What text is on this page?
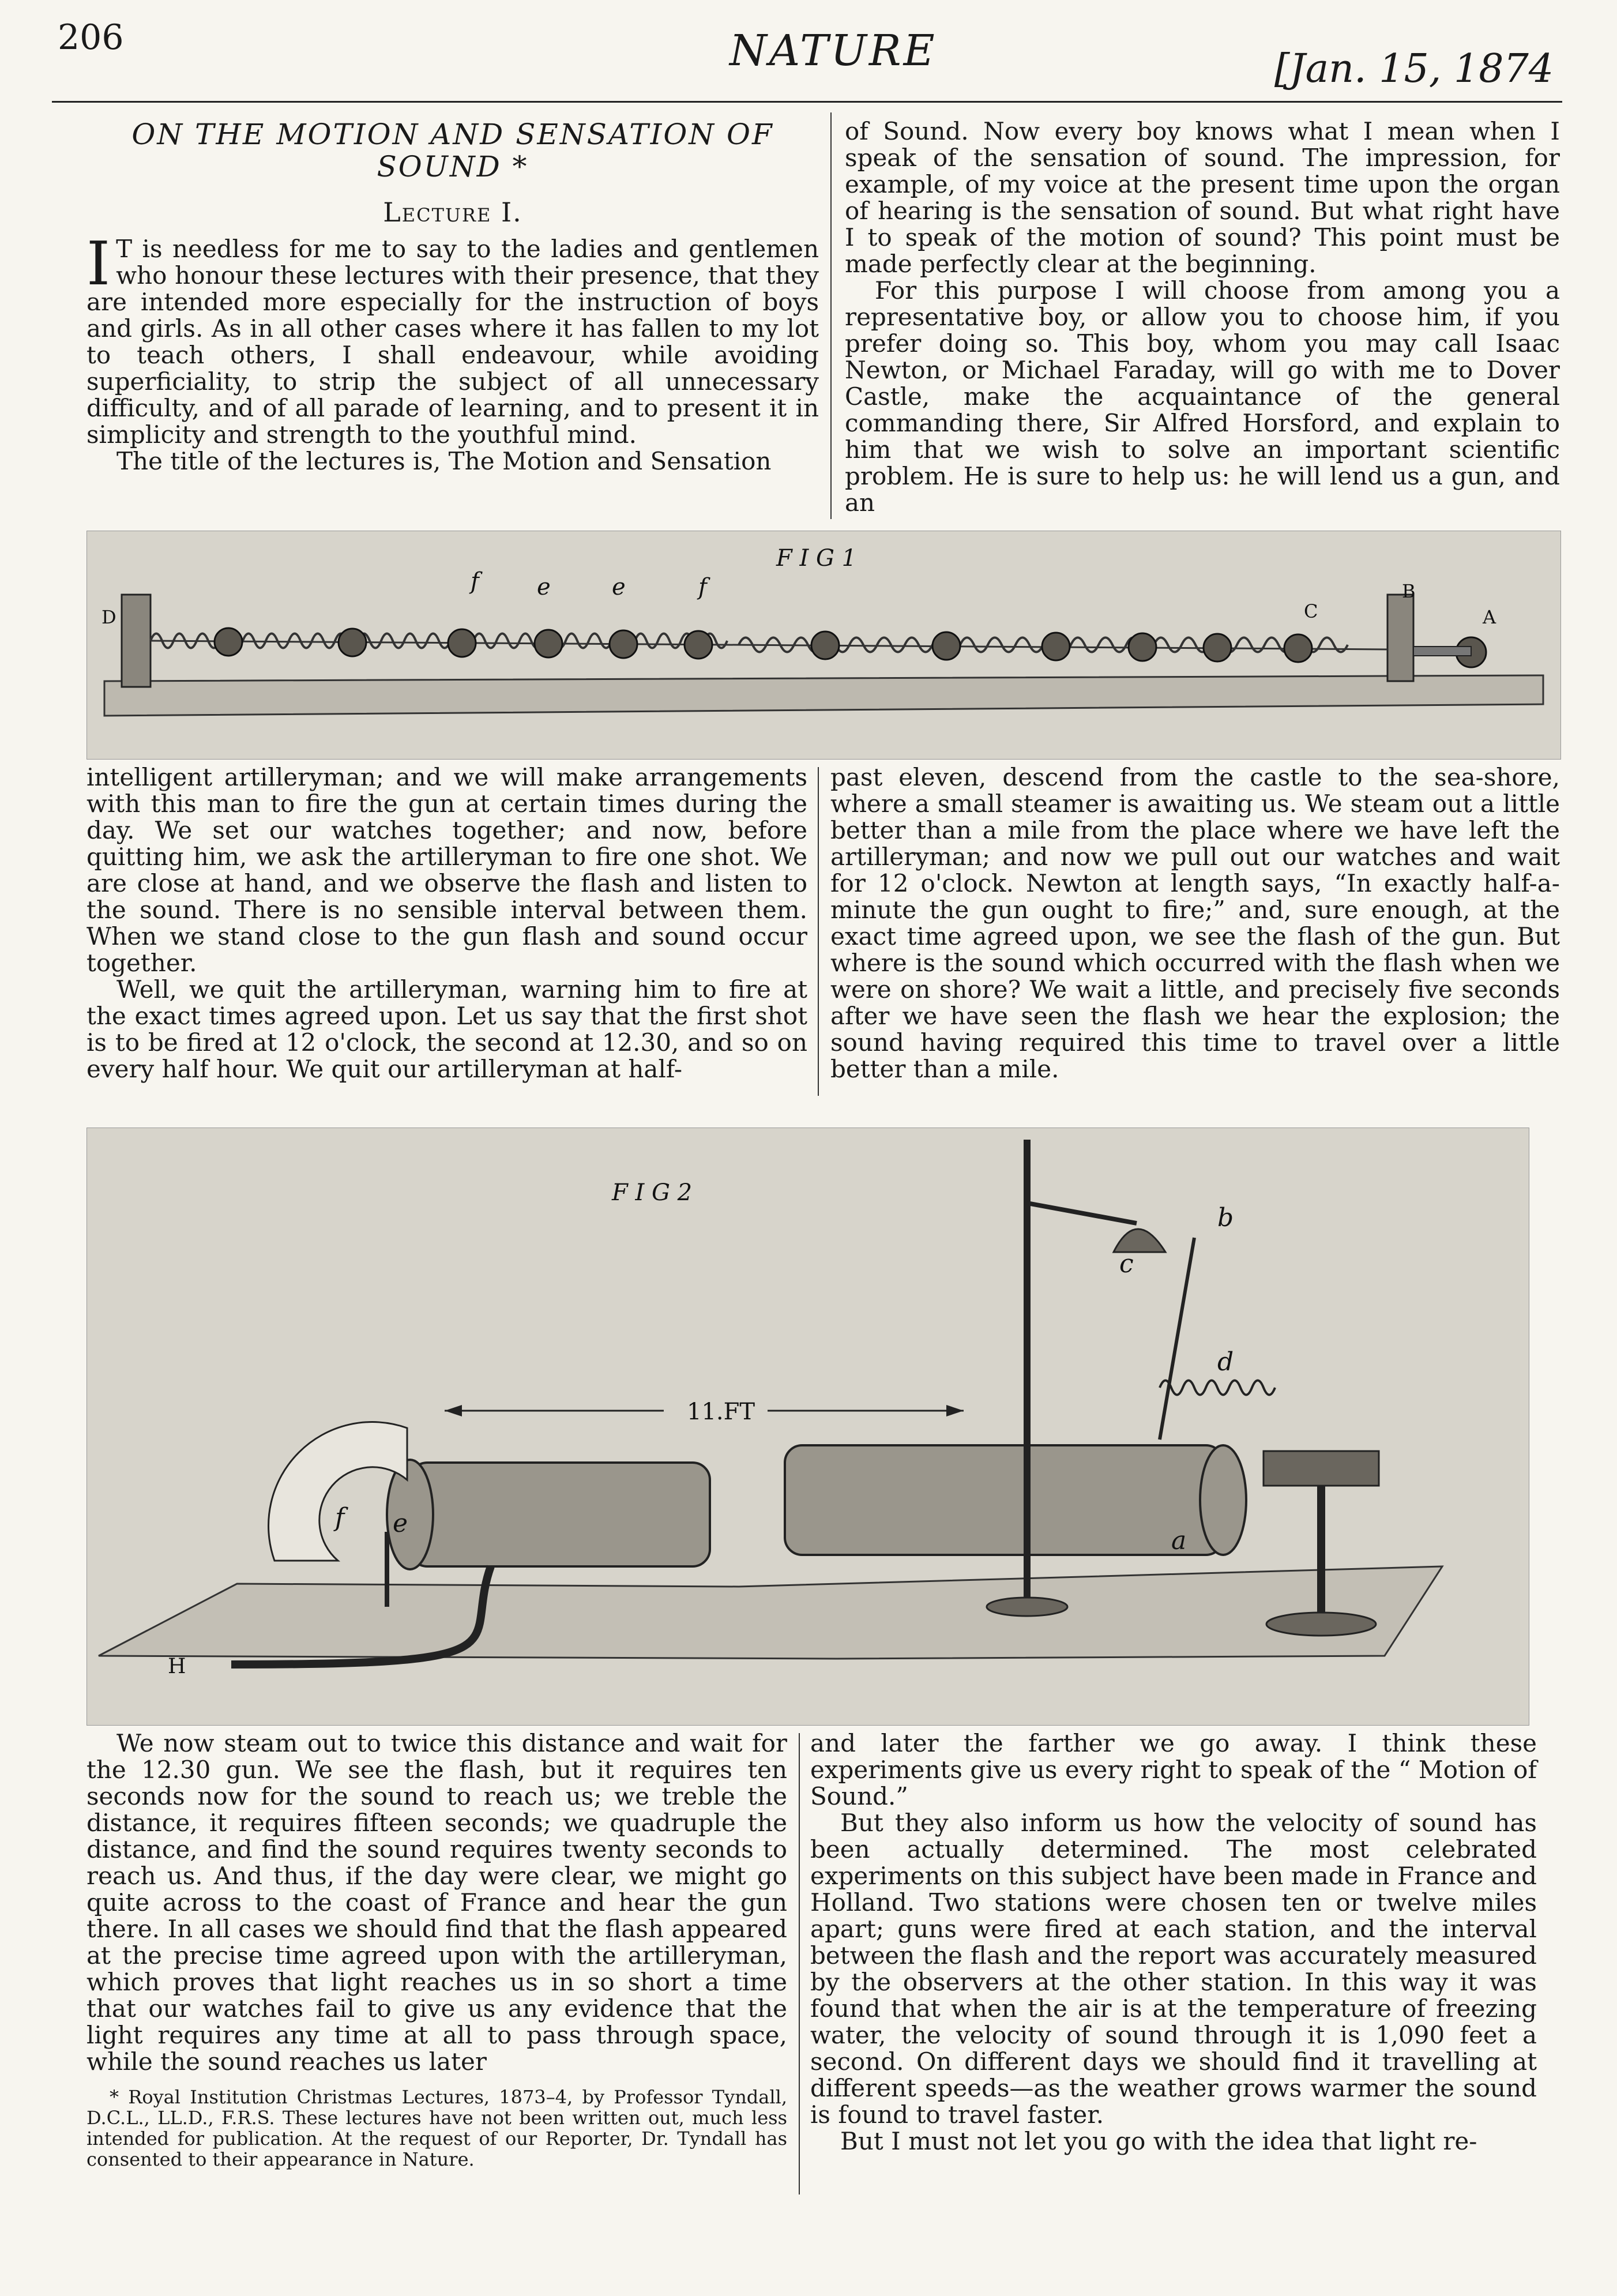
206	NATURE	[Jan. 15, 1874
ON THE MOTION AND SENSATION OF SOUND *
Lecture I.

I T is needless for me to say to the ladies and gentlemen who honour these lectures with their presence, that they are intended more especially for the instruction of boys and girls. As in all other cases where it has fallen to my lot to teach others, I shall endeavour, while avoiding superficiality, to strip the subject of all unnecessary difficulty, and of all parade of learning, and to present it in simplicity and strength to the youthful mind.

The title of the lectures is, The Motion and Sensation

of Sound. Now every boy knows what I mean when I speak of the sensation of sound. The impression, for example, of my voice at the present time upon the organ of hearing is the sensation of sound. But what right have I to speak of the motion of sound? This point must be made perfectly clear at the beginning.

For this purpose I will choose from among you a representative boy, or allow you to choose him, if you prefer doing so. This boy, whom you may call Isaac Newton, or Michael Faraday, will go with me to Dover Castle, make the acquaintance of the general commanding there, Sir Alfred Horsford, and explain to him that we wish to solve an important scientific problem. He is sure to help us: he will lend us a gun, and an

F I G 1
f	e	e	f
C
B
A
D

intelligent artilleryman; and we will make arrangements with this man to fire the gun at certain times during the day. We set our watches together; and now, before quitting him, we ask the artilleryman to fire one shot. We are close at hand, and we observe the flash and listen to the sound. There is no sensible interval between them. When we stand close to the gun flash and sound occur together.

Well, we quit the artilleryman, warning him to fire at the exact times agreed upon. Let us say that the first shot is to be fired at 12 o'clock, the second at 12.30, and so on every half hour. We quit our artilleryman at half-

past eleven, descend from the castle to the sea-shore, where a small steamer is awaiting us. We steam out a little better than a mile from the place where we have left the artilleryman; and now we pull out our watches and wait for 12 o'clock. Newton at length says, “In exactly half-a-minute the gun ought to fire;” and, sure enough, at the exact time agreed upon, we see the flash of the gun. But where is the sound which occurred with the flash when we were on shore? We wait a little, and precisely five seconds after we have seen the flash we hear the explosion; the sound having required this time to travel over a little better than a mile.

F I G 2
11.FT
a
b
c
d
e
f
H

We now steam out to twice this distance and wait for the 12.30 gun. We see the flash, but it requires ten seconds now for the sound to reach us; we treble the distance, it requires fifteen seconds; we quadruple the distance, and find the sound requires twenty seconds to reach us. And thus, if the day were clear, we might go quite across to the coast of France and hear the gun there. In all cases we should find that the flash appeared at the precise time agreed upon with the artilleryman, which proves that light reaches us in so short a time that our watches fail to give us any evidence that the light requires any time at all to pass through space, while the sound reaches us later

* Royal Institution Christmas Lectures, 1873–4, by Professor Tyndall, D.C.L., LL.D., F.R.S. These lectures have not been written out, much less intended for publication. At the request of our Reporter, Dr. Tyndall has consented to their appearance in Nature.

and later the farther we go away. I think these experiments give us every right to speak of the “ Motion of Sound.”

But they also inform us how the velocity of sound has been actually determined. The most celebrated experiments on this subject have been made in France and Holland. Two stations were chosen ten or twelve miles apart; guns were fired at each station, and the interval between the flash and the report was accurately measured by the observers at the other station. In this way it was found that when the air is at the temperature of freezing water, the velocity of sound through it is 1,090 feet a second. On different days we should find it travelling at different speeds—as the weather grows warmer the sound is found to travel faster.

But I must not let you go with the idea that light re-
